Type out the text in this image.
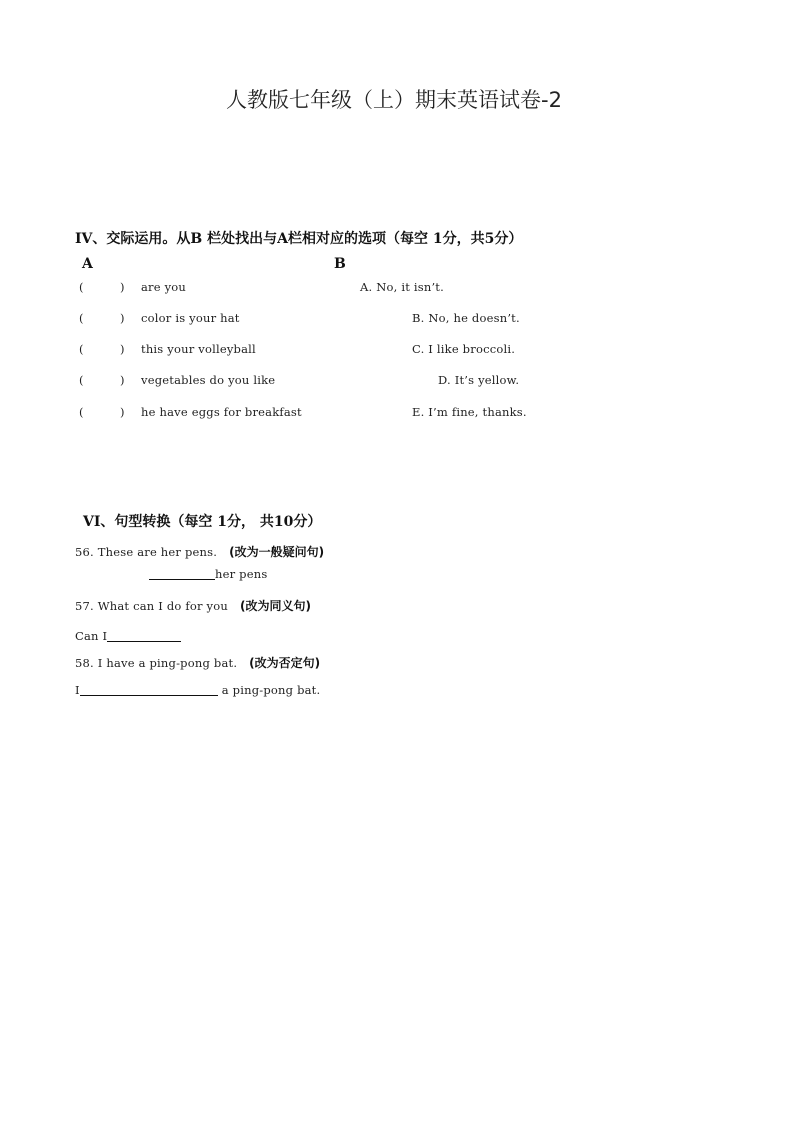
人教版七年级（上）期末英语试卷-2
IV、交际运用。从B 栏处找出与A栏相对应的选项（每空 1分，共5分）
A	B
(	) are you	A. No, it isn’t.
(	) color is your hat	B. No, he doesn’t.
(	) this your volleyball	C. I like broccoli.
(	) vegetables do you like	D. It’s yellow.
(	) he have eggs for breakfast	E. I’m fine, thanks.
VI、句型转换（每空 1分， 共10分）
56. These are her pens. (改为一般疑问句)
her pens
57. What can I do for you (改为同义句)
Can I
58. I have a ping-pong bat. (改为否定句)
I	a ping-pong bat.
